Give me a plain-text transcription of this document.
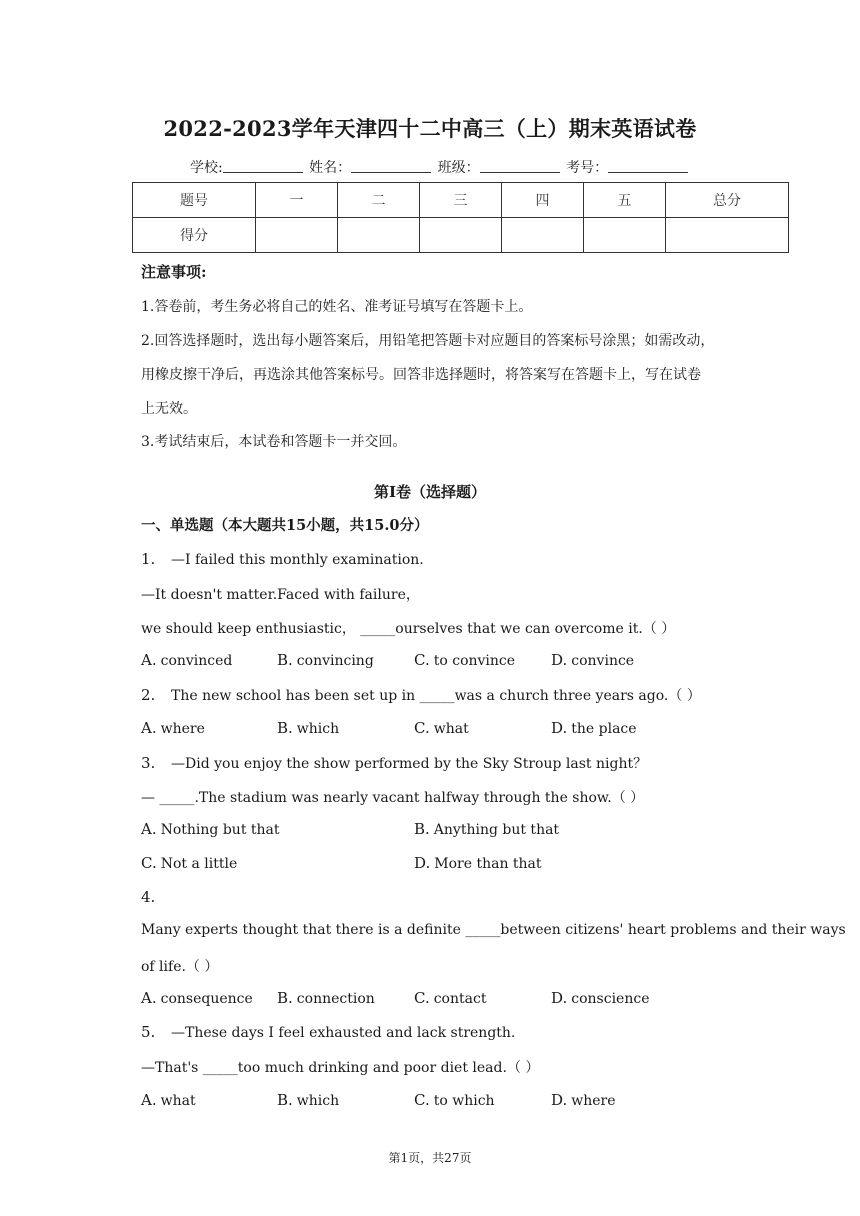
2022-2023学年天津四十二中高三（上）期末英语试卷
学校:	姓名：	班级：	考号：
题号	一	二	三	四	五	总分
得分						
注意事项:
1.答卷前，考生务必将自己的姓名、准考证号填写在答题卡上。
2.回答选择题时，选出每小题答案后，用铅笔把答题卡对应题目的答案标号涂黑；如需改动，
用橡皮擦干净后，再选涂其他答案标号。回答非选择题时，将答案写在答题卡上，写在试卷
上无效。
3.考试结束后，本试卷和答题卡一并交回。
第I卷（选择题）
一、单选题（本大题共15小题，共15.0分）
1. —I failed this monthly examination.
—It doesn't matter.Faced with failure，
we should keep enthusiastic， _____ourselves that we can overcome it.（ ）
A. convinced	B. convincing	C. to convince D. convince
2. The new school has been set up in _____was a church three years ago.（ ）
A. where	B. which	C. what	D. the place
3. —Did you enjoy the show performed by the Sky Stroup last night？
— _____.The stadium was nearly vacant halfway through the show.（ ）
A. Nothing but that	B. Anything but that
C. Not a little	D. More than that
4.
Many experts thought that there is a definite _____between citizens' heart problems and their ways
of life.（ ）
A. consequence B. connection	C. contact	D. conscience
5. —These days I feel exhausted and lack strength.
—That's _____too much drinking and poor diet lead.（ ）
A. what	B. which	C. to which	D. where
第1页，共27页
